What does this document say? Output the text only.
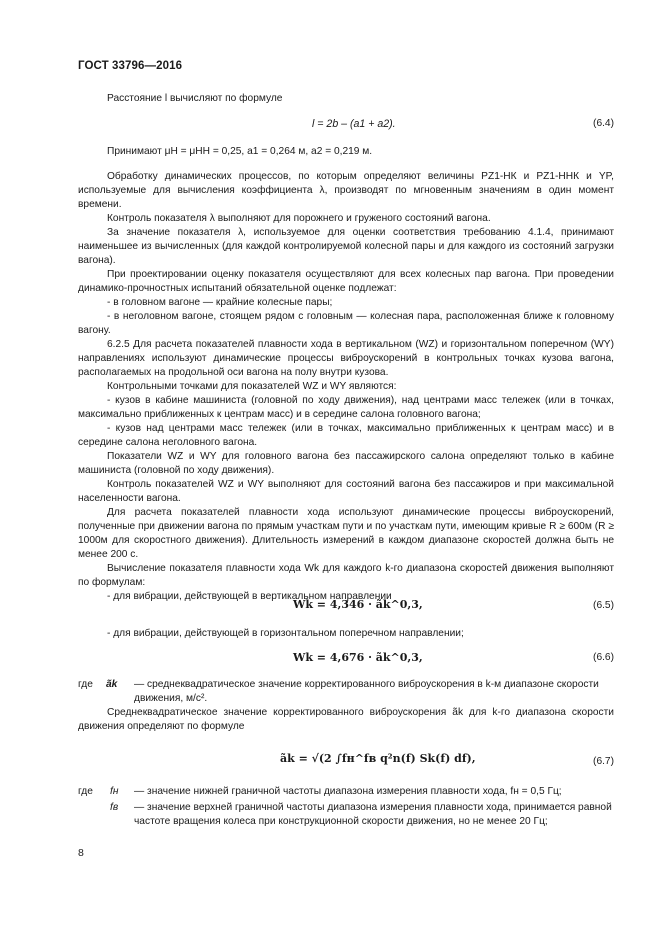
ГОСТ 33796—2016

Расстояние l вычисляют по формуле

l = 2b – (a1 + a2).	(6.4)

Принимают μН = μНН = 0,25, a1 = 0,264 м, a2 = 0,219 м.

Обработку динамических процессов, по которым определяют величины PZ1-НК и PZ1-ННК и YP, используемые для вычисления коэффициента λ, производят по мгновенным значениям в один момент времени.

Контроль показателя λ выполняют для порожнего и груженого состояний вагона.

За значение показателя λ, используемое для оценки соответствия требованию 4.1.4, принимают наименьшее из вычисленных (для каждой контролируемой колесной пары и для каждого из состояний загрузки вагона).

При проектировании оценку показателя осуществляют для всех колесных пар вагона. При проведении динамико-прочностных испытаний обязательной оценке подлежат:

- в головном вагоне — крайние колесные пары;

- в неголовном вагоне, стоящем рядом с головным — колесная пара, расположенная ближе к головному вагону.

6.2.5 Для расчета показателей плавности хода в вертикальном (WZ) и горизонтальном поперечном (WY) направлениях используют динамические процессы виброускорений в контрольных точках кузова вагона, располагаемых на продольной оси вагона на полу внутри кузова.

Контрольными точками для показателей WZ и WY являются:

- кузов в кабине машиниста (головной по ходу движения), над центрами масс тележек (или в точках, максимально приближенных к центрам масс) и в середине салона головного вагона;

- кузов над центрами масс тележек (или в точках, максимально приближенных к центрам масс) и в середине салона неголовного вагона.

Показатели WZ и WY для головного вагона без пассажирского салона определяют только в кабине машиниста (головной по ходу движения).

Контроль показателей WZ и WY выполняют для состояний вагона без пассажиров и при максимальной населенности вагона.

Для расчета показателей плавности хода используют динамические процессы виброускорений, полученные при движении вагона по прямым участкам пути и по участкам пути, имеющим кривые R ≥ 600м (R ≥ 1000м для скоростного движения). Длительность измерений в каждом диапазоне скоростей должна быть не менее 200 с.

Вычисление показателя плавности хода Wk для каждого k-го диапазона скоростей движения выполняют по формулам:

- для вибрации, действующей в вертикальном направлении

Wk = 4,346 · ãk^0,3,	(6.5)

- для вибрации, действующей в горизонтальном поперечном направлении;

Wk = 4,676 · ãk^0,3,	(6.6)
где ãk — среднеквадратическое значение корректированного виброускорения в k-м диапазоне скорости движения, м/с².

Среднеквадратическое значение корректированного виброускорения ãk для k-го диапазона скорости движения определяют по формуле

ãk = √(2 ∫fн^fв q²n(f) Sk(f) df),	(6.7)
где fн — значение нижней граничной частоты диапазона измерения плавности хода, fн = 0,5 Гц;
fв — значение верхней граничной частоты диапазона измерения плавности хода, принимается равной частоте вращения колеса при конструкционной скорости движения, но не менее 20 Гц;
8
